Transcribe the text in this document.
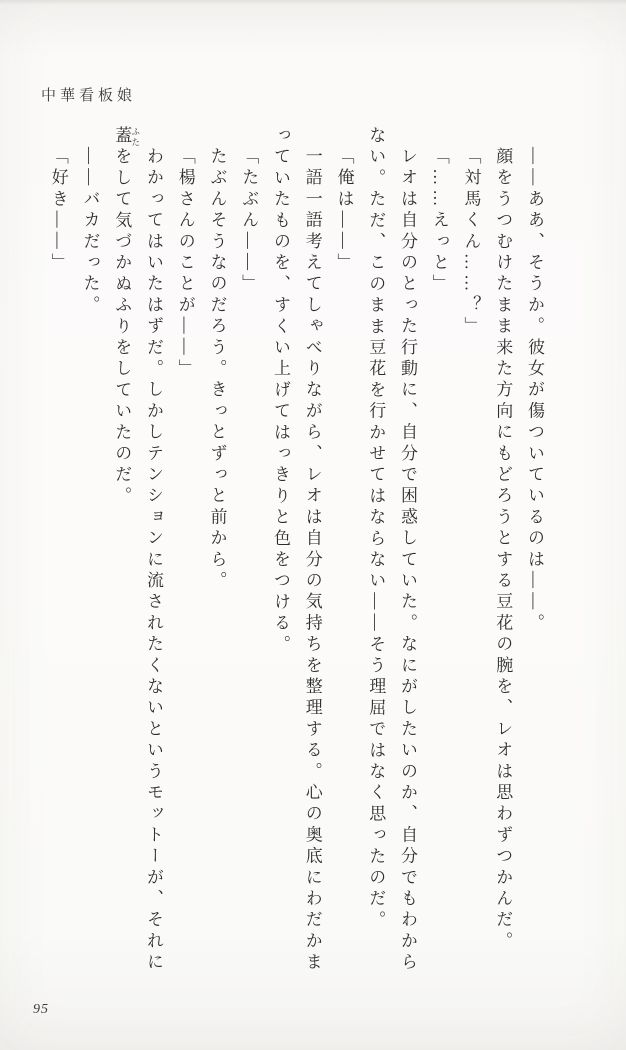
中華看板娘

――ああ、そうか。彼女が傷ついているのは――。

顔をうつむけたまま来た方向にもどろうとする豆花の腕を、レオは思わずつかんだ。

「対馬くん……？」

「……えっと」

レオは自分のとった行動に、自分で困惑していた。なにがしたいのか、自分でもわからない。ただ、このまま豆花を行かせてはならない――そう理屈ではなく思ったのだ。

「俺は――」

一語一語考えてしゃべりながら、レオは自分の気持ちを整理する。心の奥底にわだかまっていたものを、すくい上げてはっきりと色をつける。

「たぶん――」

たぶんそうなのだろう。きっとずっと前から。

「楊さんのことが――」

わかってはいたはずだ。しかしテンションに流されたくないというモットーが、それに蓋 ふたをして気づかぬふりをしていたのだ。

――バカだった。

「好き――」

95
